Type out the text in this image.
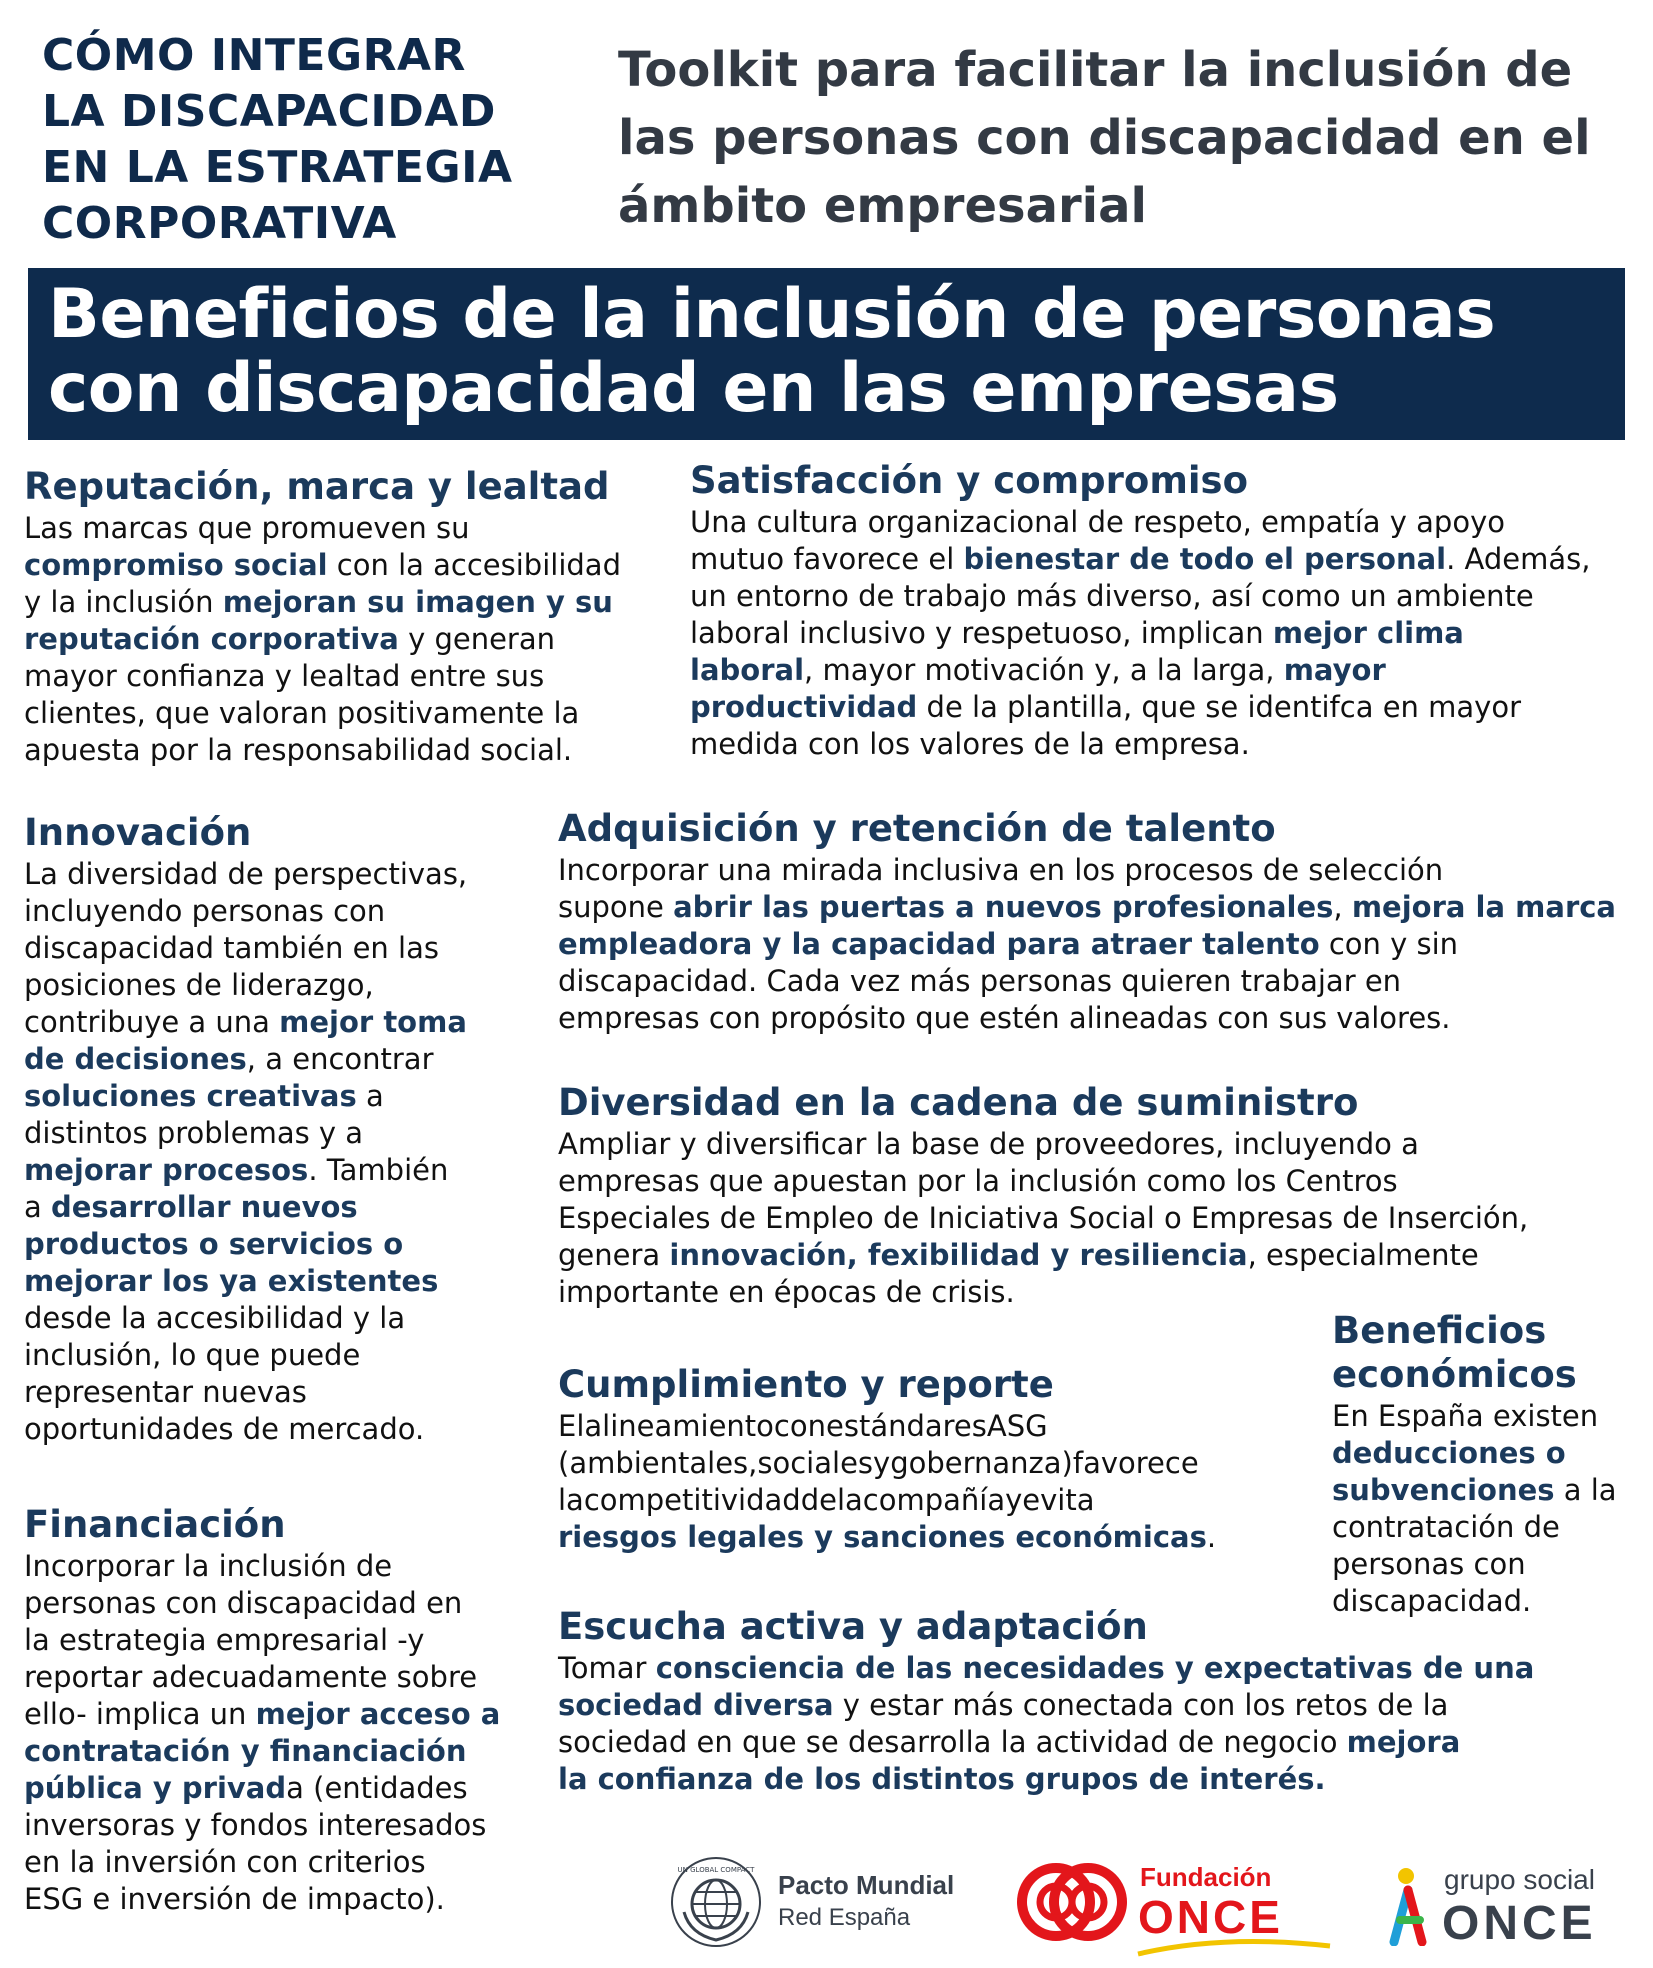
CÓMO INTEGRAR
LA DISCAPACIDAD
EN LA ESTRATEGIA
CORPORATIVA
Toolkit para facilitar la inclusión de
las personas con discapacidad en el
ámbito empresarial
Beneficios de la inclusión de personas
con discapacidad en las empresas
Reputación, marca y lealtad

Las marcas que promueven su
compromiso social con la accesibilidad
y la inclusión mejoran su imagen y su
reputación corporativa y generan
mayor confianza y lealtad entre sus
clientes, que valoran positivamente la
apuesta por la responsabilidad social.

Satisfacción y compromiso

Una cultura organizacional de respeto, empatía y apoyo
mutuo favorece el bienestar de todo el personal. Además,
un entorno de trabajo más diverso, así como un ambiente
laboral inclusivo y respetuoso, implican mejor clima
laboral, mayor motivación y, a la larga, mayor
productividad de la plantilla, que se identifca en mayor
medida con los valores de la empresa.

Innovación

La diversidad de perspectivas,
incluyendo personas con
discapacidad también en las
posiciones de liderazgo,
contribuye a una mejor toma
de decisiones, a encontrar
soluciones creativas a
distintos problemas y a
mejorar procesos. También
a desarrollar nuevos
productos o servicios o
mejorar los ya existentes
desde la accesibilidad y la
inclusión, lo que puede
representar nuevas
oportunidades de mercado.

Adquisición y retención de talento

Incorporar una mirada inclusiva en los procesos de selección
supone abrir las puertas a nuevos profesionales, mejora la marca
empleadora y la capacidad para atraer talento con y sin
discapacidad. Cada vez más personas quieren trabajar en
empresas con propósito que estén alineadas con sus valores.

Diversidad en la cadena de suministro

Ampliar y diversificar la base de proveedores, incluyendo a
empresas que apuestan por la inclusión como los Centros
Especiales de Empleo de Iniciativa Social o Empresas de Inserción,
genera innovación, fexibilidad y resiliencia, especialmente
importante en épocas de crisis.

Beneficios
económicos

En España existen
deducciones o
subvenciones a la
contratación de
personas con
discapacidad.

Cumplimiento y reporte

ElalineamientoconestándaresASG
(ambientales,socialesygobernanza)favorece
lacompetitividaddelacompañíayevita
riesgos legales y sanciones económicas.

Financiación

Incorporar la inclusión de
personas con discapacidad en
la estrategia empresarial -y
reportar adecuadamente sobre
ello- implica un mejor acceso a
contratación y financiación
pública y privada (entidades
inversoras y fondos interesados
en la inversión con criterios
ESG e inversión de impacto).

Escucha activa y adaptación

Tomar consciencia de las necesidades y expectativas de una
sociedad diversa y estar más conectada con los retos de la
sociedad en que se desarrolla la actividad de negocio mejora
la confianza de los distintos grupos de interés.

UN GLOBAL COMPACT Pacto Mundial
Red España
Fundación
ONCE
grupo social
ONCE
